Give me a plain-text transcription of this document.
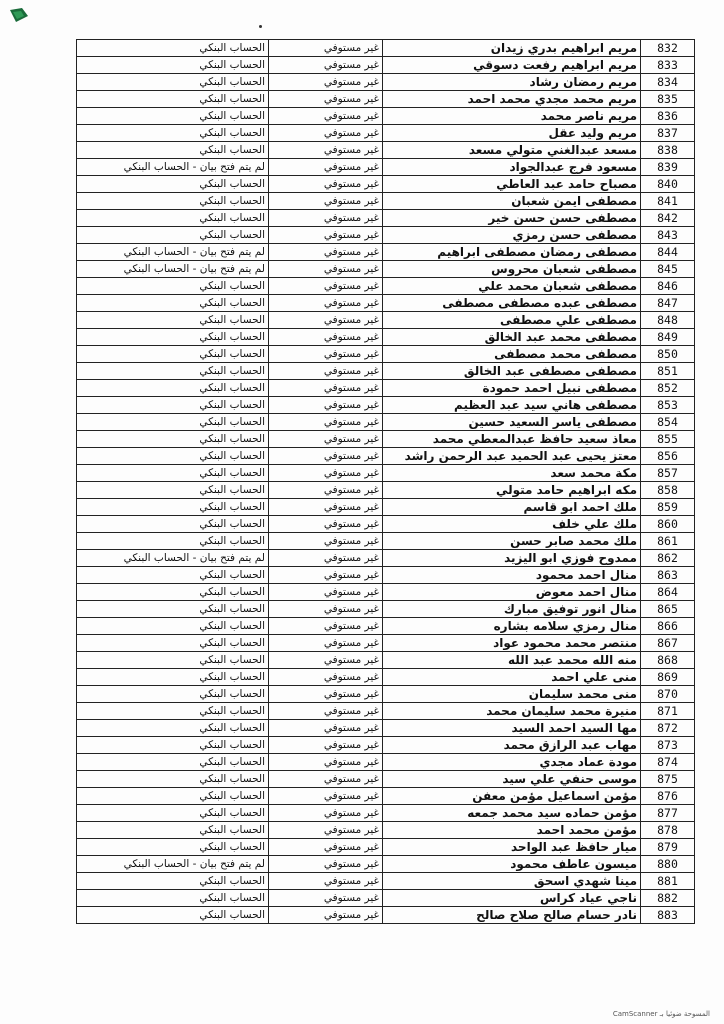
832	مريم ابراهيم بدري زيدان	غير مستوفي	الحساب البنكي
833	مريم ابراهيم رفعت دسوقي	غير مستوفي	الحساب البنكي
834	مريم رمضان رشاد	غير مستوفي	الحساب البنكي
835	مريم محمد مجدي محمد احمد	غير مستوفي	الحساب البنكي
836	مريم ناصر محمد	غير مستوفي	الحساب البنكي
837	مريم وليد عقل	غير مستوفي	الحساب البنكي
838	مسعد عبدالغني متولي مسعد	غير مستوفي	الحساب البنكي
839	مسعود فرج عبدالجواد	غير مستوفي	لم يتم فتح بيان - الحساب البنكي
840	مصباح حامد عبد العاطي	غير مستوفي	الحساب البنكي
841	مصطفى ايمن شعبان	غير مستوفي	الحساب البنكي
842	مصطفى حسن حسن خير	غير مستوفي	الحساب البنكي
843	مصطفى حسن رمزي	غير مستوفي	الحساب البنكي
844	مصطفى رمضان مصطفى ابراهيم	غير مستوفي	لم يتم فتح بيان - الحساب البنكي
845	مصطفى شعبان محروس	غير مستوفي	لم يتم فتح بيان - الحساب البنكي
846	مصطفى شعبان محمد علي	غير مستوفي	الحساب البنكي
847	مصطفى عبده مصطفى مصطفى	غير مستوفي	الحساب البنكي
848	مصطفى علي مصطفى	غير مستوفي	الحساب البنكي
849	مصطفى محمد عبد الخالق	غير مستوفي	الحساب البنكي
850	مصطفى محمد مصطفى	غير مستوفي	الحساب البنكي
851	مصطفى مصطفى عبد الخالق	غير مستوفي	الحساب البنكي
852	مصطفى نبيل احمد حمودة	غير مستوفي	الحساب البنكي
853	مصطفى هاني سيد عبد العظيم	غير مستوفي	الحساب البنكي
854	مصطفى ياسر السعيد حسين	غير مستوفي	الحساب البنكي
855	معاذ سعيد حافظ عبدالمعطي محمد	غير مستوفي	الحساب البنكي
856	معتز يحيى عبد الحميد عبد الرحمن راشد	غير مستوفي	الحساب البنكي
857	مكة محمد سعد	غير مستوفي	الحساب البنكي
858	مكه ابراهيم حامد متولي	غير مستوفي	الحساب البنكي
859	ملك احمد ابو قاسم	غير مستوفي	الحساب البنكي
860	ملك علي خلف	غير مستوفي	الحساب البنكي
861	ملك محمد صابر حسن	غير مستوفي	الحساب البنكي
862	ممدوح فوزي ابو اليزيد	غير مستوفي	لم يتم فتح بيان - الحساب البنكي
863	منال احمد محمود	غير مستوفي	الحساب البنكي
864	منال احمد معوض	غير مستوفي	الحساب البنكي
865	منال انور توفيق مبارك	غير مستوفي	الحساب البنكي
866	منال رمزي سلامه بشاره	غير مستوفي	الحساب البنكي
867	منتصر محمد محمود عواد	غير مستوفي	الحساب البنكي
868	منه الله محمد عبد الله	غير مستوفي	الحساب البنكي
869	منى علي احمد	غير مستوفي	الحساب البنكي
870	منى محمد سليمان	غير مستوفي	الحساب البنكي
871	منيرة محمد سليمان محمد	غير مستوفي	الحساب البنكي
872	مها السيد احمد السيد	غير مستوفي	الحساب البنكي
873	مهاب عبد الرازق محمد	غير مستوفي	الحساب البنكي
874	مودة عماد مجدي	غير مستوفي	الحساب البنكي
875	موسى حنفي علي سيد	غير مستوفي	الحساب البنكي
876	مؤمن اسماعيل مؤمن معفن	غير مستوفي	الحساب البنكي
877	مؤمن حماده سيد محمد جمعه	غير مستوفي	الحساب البنكي
878	مؤمن محمد احمد	غير مستوفي	الحساب البنكي
879	ميار حافظ عبد الواحد	غير مستوفي	الحساب البنكي
880	ميسون عاطف محمود	غير مستوفي	لم يتم فتح بيان - الحساب البنكي
881	مينا شهدي اسحق	غير مستوفي	الحساب البنكي
882	ناجي عياد كراس	غير مستوفي	الحساب البنكي
883	نادر حسام صالح صلاح صالح	غير مستوفي	الحساب البنكي
CamScanner المسوحة ضوئيا بـ
